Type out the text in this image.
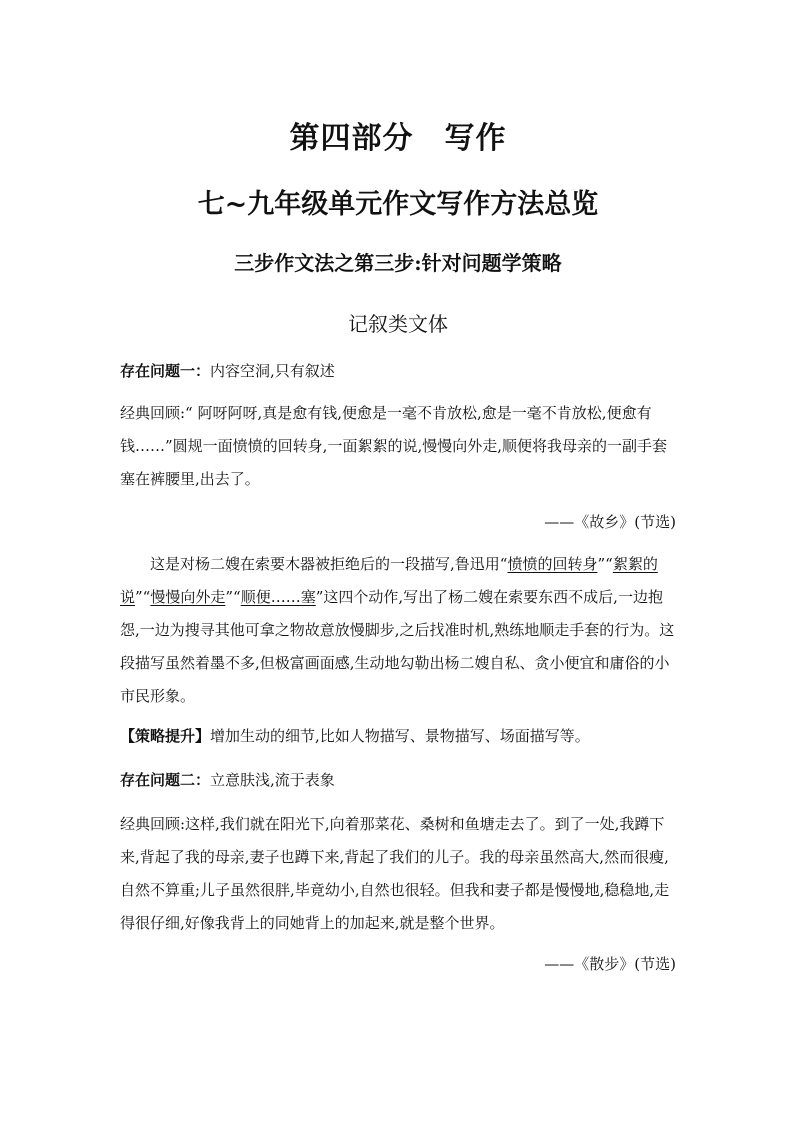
第四部分　写作
七~九年级单元作文写作方法总览
三步作文法之第三步:针对问题学策略
记叙类文体
存在问题一：内容空洞,只有叙述
经典回顾:“ 阿呀阿呀,真是愈有钱,便愈是一毫不肯放松,愈是一毫不肯放松,便愈有钱……”圆规一面愤愤的回转身,一面絮絮的说,慢慢向外走,顺便将我母亲的一副手套塞在裤腰里,出去了。
——《故乡》(节选)
这是对杨二嫂在索要木器被拒绝后的一段描写,鲁迅用“愤愤的回转身”“絮絮的说”“慢慢向外走”“顺便……塞”这四个动作,写出了杨二嫂在索要东西不成后,一边抱怨,一边为搜寻其他可拿之物故意放慢脚步,之后找准时机,熟练地顺走手套的行为。这段描写虽然着墨不多,但极富画面感,生动地勾勒出杨二嫂自私、贪小便宜和庸俗的小市民形象。
【策略提升】增加生动的细节,比如人物描写、景物描写、场面描写等。
存在问题二：立意肤浅,流于表象
经典回顾:这样,我们就在阳光下,向着那菜花、桑树和鱼塘走去了。到了一处,我蹲下来,背起了我的母亲,妻子也蹲下来,背起了我们的儿子。我的母亲虽然高大,然而很瘦,自然不算重;儿子虽然很胖,毕竟幼小,自然也很轻。但我和妻子都是慢慢地,稳稳地,走得很仔细,好像我背上的同她背上的加起来,就是整个世界。
——《散步》(节选)
